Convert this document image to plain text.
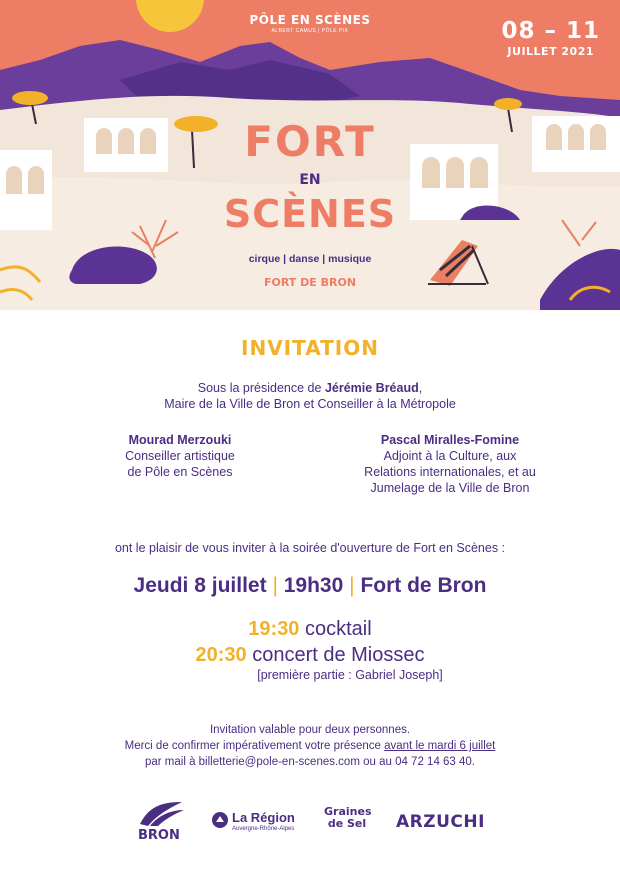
PÔLE EN SCÈNES
ALBERT CAMUS | PÔLE PIK	08 – 11
JUILLET 2021
FORT
EN
SCÈNES
cirque | danse | musique
FORT DE BRON
INVITATION
Sous la présidence de Jérémie Bréaud,
Maire de la Ville de Bron et Conseiller à la Métropole
Mourad Merzouki
Conseiller artistique
de Pôle en Scènes
Pascal Miralles-Fomine
Adjoint à la Culture, aux
Relations internationales, et au
Jumelage de la Ville de Bron
ont le plaisir de vous inviter à la soirée d'ouverture de Fort en Scènes :
Jeudi 8 juillet | 19h30 | Fort de Bron
19:30 cocktail
20:30 concert de Miossec
[première partie : Gabriel Joseph]
Invitation valable pour deux personnes.
Merci de confirmer impérativement votre présence avant le mardi 6 juillet
par mail à billetterie@pole-en-scenes.com ou au 04 72 14 63 40.
BRON
La Région
Auvergne-Rhône-Alpes
Graines
de Sel ARZUCHI
